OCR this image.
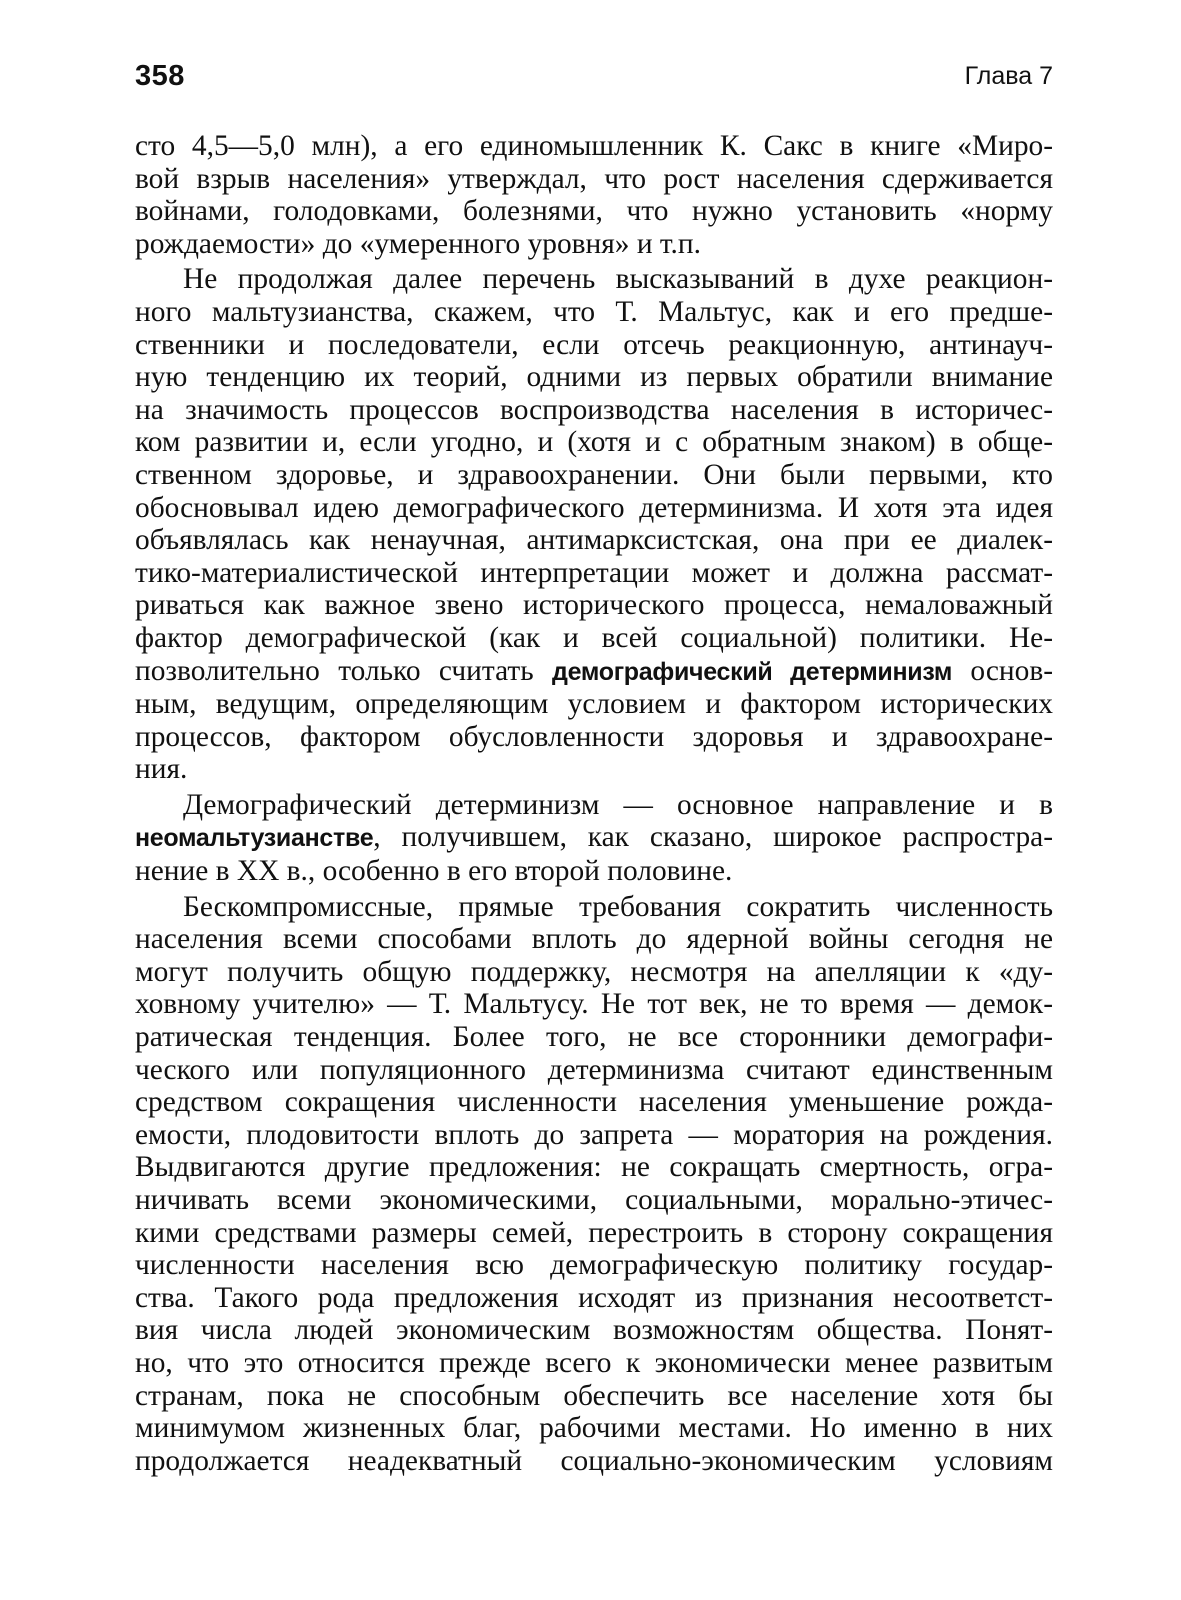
358	Глава 7

сто 4,5—5,0 млн), а его единомышленник К. Сакс в книге «Миро-
вой взрыв населения» утверждал, что рост населения сдерживается
войнами, голодовками, болезнями, что нужно установить «норму
рождаемости» до «умеренного уровня» и т.п.

Не продолжая далее перечень высказываний в духе реакцион-
ного мальтузианства, скажем, что Т. Мальтус, как и его предше-
ственники и последователи, если отсечь реакционную, антинауч-
ную тенденцию их теорий, одними из первых обратили внимание
на значимость процессов воспроизводства населения в историчес-
ком развитии и, если угодно, и (хотя и с обратным знаком) в обще-
ственном здоровье, и здравоохранении. Они были первыми, кто
обосновывал идею демографического детерминизма. И хотя эта идея
объявлялась как ненаучная, антимарксистская, она при ее диалек-
тико-материалистической интерпретации может и должна рассмат-
риваться как важное звено исторического процесса, немаловажный
фактор демографической (как и всей социальной) политики. Не-
позволительно только считать демографический детерминизм основ-
ным, ведущим, определяющим условием и фактором исторических
процессов, фактором обусловленности здоровья и здравоохране-
ния.

Демографический детерминизм — основное направление и в
неомальтузианстве, получившем, как сказано, широкое распростра-
нение в XX в., особенно в его второй половине.

Бескомпромиссные, прямые требования сократить численность
населения всеми способами вплоть до ядерной войны сегодня не
могут получить общую поддержку, несмотря на апелляции к «ду-
ховному учителю» — Т. Мальтусу. Не тот век, не то время — демок-
ратическая тенденция. Более того, не все сторонники демографи-
ческого или популяционного детерминизма считают единственным
средством сокращения численности населения уменьшение рожда-
емости, плодовитости вплоть до запрета — моратория на рождения.
Выдвигаются другие предложения: не сокращать смертность, огра-
ничивать всеми экономическими, социальными, морально-этичес-
кими средствами размеры семей, перестроить в сторону сокращения
численности населения всю демографическую политику государ-
ства. Такого рода предложения исходят из признания несоответст-
вия числа людей экономическим возможностям общества. Понят-
но, что это относится прежде всего к экономически менее развитым
странам, пока не способным обеспечить все население хотя бы
минимумом жизненных благ, рабочими местами. Но именно в них
продолжается неадекватный социально-экономическим условиям
